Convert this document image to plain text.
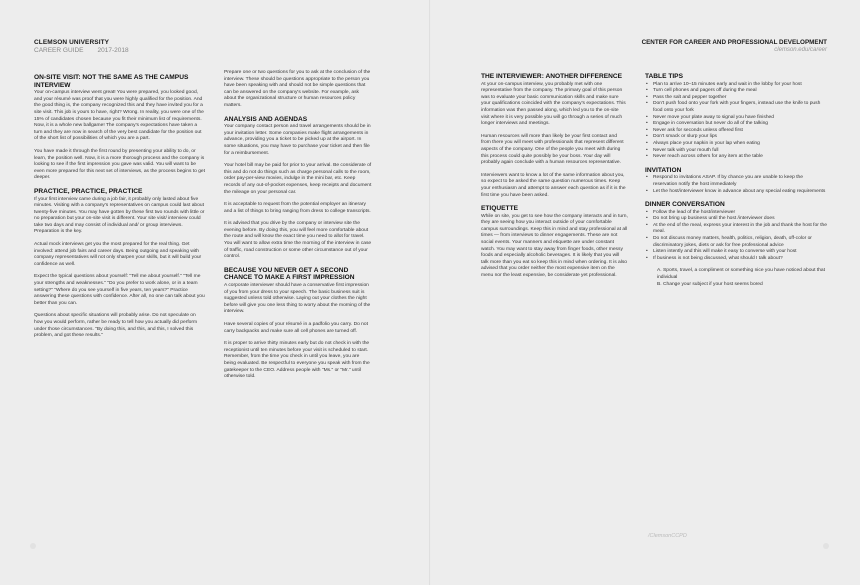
CLEMSON UNIVERSITY
CAREER GUIDE 2017-2018
ON-SITE VISIT: NOT THE SAME AS THE CAMPUS INTERVIEW

Your on-campus interview went great! You were prepared, you looked good, and your résumé was proof that you were highly qualified for the position. And the good thing is, the company recognized this and they have invited you for a site visit. This job is yours to have, right? Wrong. In reality, you were one of the 15% of candidates chosen because you fit their minimum list of requirements. Now, it is a whole new ballgame! The company's expectations have taken a turn and they are now in search of the very best candidate for the position out of the short list of possibilities of which you are a part.

You have made it through the first round by presenting your ability to do, or learn, the position well. Now, it is a more thorough process and the company is looking to see if the first impression you gave was valid. You will want to be even more prepared for this next set of interviews, as the process begins to get deeper.

PRACTICE, PRACTICE, PRACTICE

If your first interview came during a job fair, it probably only lasted about five minutes. Visiting with a company's representatives on campus could last about twenty-five minutes. You may have gotten by these first two rounds with little or no preparation but your on-site visit is different. Your site visit/ interview could take two days and may consist of individual and/ or group interviews. Preparation is the key.

Actual mock interviews get you the most prepared for the real thing. Get involved: attend job fairs and career days. Being outgoing and speaking with company representatives will not only sharpen your skills, but it will build your confidence as well.

Expect the typical questions about yourself: "Tell me about yourself." "Tell me your strengths and weaknesses." "Do you prefer to work alone, or in a team setting?" "Where do you see yourself in five years, ten years?" Practice answering these questions with confidence. After all, no one can talk about you better than you can.

Questions about specific situations will probably arise. Do not speculate on how you would perform, rather be ready to tell how you actually did perform under those circumstances. "By doing this, and this, and this, I solved this problem, and got these results."

Prepare one or two questions for you to ask at the conclusion of the interview. These should be questions appropriate to the person you have been speaking with and should not be simple questions that can be answered on the company's website. For example, ask about the organizational structure or human resources policy matters.

ANALYSIS AND AGENDAS

Your company contact person and travel arrangements should be in your invitation letter. Some companies make flight arrangements in advance, providing you a ticket to be picked up at the airport. In some situations, you may have to purchase your ticket and then file for a reimbursement.

Your hotel bill may be paid for prior to your arrival. Be considerate of this and do not do things such as charge personal calls to the room, order pay-per-view movies, indulge in the mini bar, etc. Keep records of any out-of-pocket expenses, keep receipts and document the mileage on your personal car.

It is acceptable to request from the potential employer an itinerary and a list of things to bring ranging from dress to college transcripts.

It is advised that you drive by the company or interview site the evening before. By doing this, you will feel more comfortable about the route and will know the exact time you need to allot for travel. You will want to allow extra time the morning of the interview in case of traffic, road construction or some other circumstance out of your control.

BECAUSE YOU NEVER GET A SECOND CHANCE TO MAKE A FIRST IMPRESSION

A corporate interviewer should have a conservative first impression of you from your dress to your speech. The basic business suit is suggested unless told otherwise. Laying out your clothes the night before will give you one less thing to worry about the morning of the interview.

Have several copies of your résumé in a padfolio you carry. Do not carry backpacks and make sure all cell phones are turned off.

It is proper to arrive thirty minutes early but do not check in with the receptionist until ten minutes before your visit is scheduled to start. Remember, from the time you check in until you leave, you are being evaluated. Be respectful to everyone you speak with from the gatekeeper to the CEO. Address people with "Ms." or "Mr." until otherwise told.

CENTER FOR CAREER AND PROFESSIONAL DEVELOPMENT
clemson.edu/career
THE INTERVIEWER: ANOTHER DIFFERENCE

At your on-campus interview, you probably met with one representative from the company. The primary goal of this person was to evaluate your basic communication skills and make sure your qualifications coincided with the company's expectations. This information was then passed along, which led you to the on-site visit where it is very possible you will go through a series of much longer interviews and meetings.

Human resources will more than likely be your first contact and from there you will meet with professionals that represent different aspects of the company. One of the people you meet with during this process could quite possibly be your boss. Your day will probably again conclude with a human resources representative.

Interviewers want to know a lot of the same information about you, so expect to be asked the same question numerous times. Keep your enthusiasm and attempt to answer each question as if it is the first time you have been asked.

ETIQUETTE

While on site, you get to see how the company interacts and in turn, they are seeing how you interact outside of your comfortable campus surroundings. Keep this in mind and stay professional at all times — from interviews to dinner engagements. These are not social events. Your manners and etiquette are under constant watch. You may want to stay away from finger foods, other messy foods and especially alcoholic beverages. It is likely that you will talk more than you eat so keep this in mind when ordering. It is also advised that you order neither the most expensive item on the menu nor the least expensive, be considerate yet professional.

TABLE TIPS
• Plan to arrive 10–15 minutes early and wait in the lobby for your host
• Turn cell phones and pagers off during the meal
• Pass the salt and pepper together
• Don't push food onto your fork with your fingers, instead use the knife to push food onto your fork
• Never move your plate away to signal you have finished
• Engage in conversation but never do all of the talking
• Never ask for seconds unless offered first
• Don't smack or slurp your lips
• Always place your napkin in your lap when eating
• Never talk with your mouth full
• Never reach across others for any item at the table
INVITATION
• Respond to invitations ASAP. If by chance you are unable to keep the reservation notify the host immediately
• Let the host/interviewer know in advance about any special eating requirements
DINNER CONVERSATION
• Follow the lead of the host/interviewer
• Do not bring up business until the host /interviewer does
• At the end of the meal, express your interest in the job and thank the host for the meal.
• Do not discuss money matters, health, politics, religion, death, off-color or discriminatory jokes, diets or ask for free professional advice
• Listen intently and this will make it easy to converse with your host
• If business is not being discussed, what should I talk about?
A. Sports, travel, a compliment or something nice you have noticed about that individual
B. Change your subject if your host seems bored
/ClemsonCCPD
